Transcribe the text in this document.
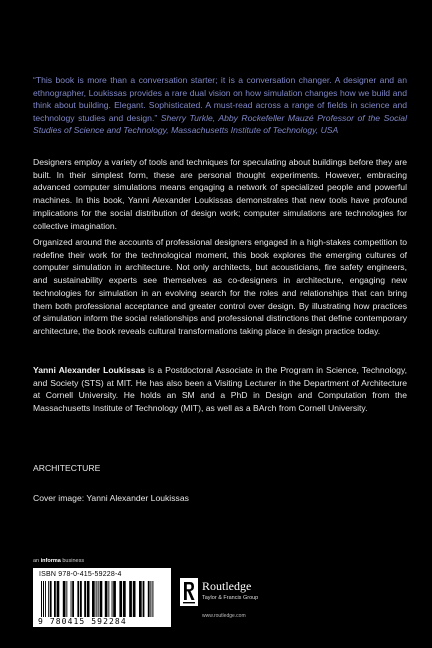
“This book is more than a conversation starter; it is a conversation changer. A designer and an ethnographer, Loukissas provides a rare dual vision on how simulation changes how we build and think about building. Elegant. Sophisticated. A must-read across a range of fields in science and technology studies and design.” Sherry Turkle, Abby Rockefeller Mauzé Professor of the Social Studies of Science and Technology, Massachusetts Institute of Technology, USA
Designers employ a variety of tools and techniques for speculating about buildings before they are built. In their simplest form, these are personal thought experiments. However, embracing advanced computer simulations means engaging a network of specialized people and powerful machines. In this book, Yanni Alexander Loukissas demonstrates that new tools have profound implications for the social distribution of design work; computer simulations are technologies for collective imagination.
Organized around the accounts of professional designers engaged in a high-stakes competition to redefine their work for the technological moment, this book explores the emerging cultures of computer simulation in architecture. Not only architects, but acousticians, fire safety engineers, and sustainability experts see themselves as co-designers in architecture, engaging new technologies for simulation in an evolving search for the roles and relationships that can bring them both professional acceptance and greater control over design. By illustrating how practices of simulation inform the social relationships and professional distinctions that define contemporary architecture, the book reveals cultural transformations taking place in design practice today.
Yanni Alexander Loukissas is a Postdoctoral Associate in the Program in Science, Technology, and Society (STS) at MIT. He has also been a Visiting Lecturer in the Department of Architecture at Cornell University. He holds an SM and a PhD in Design and Computation from the Massachusetts Institute of Technology (MIT), as well as a BArch from Cornell University.
ARCHITECTURE
Cover image: Yanni Alexander Loukissas
an informa business
ISBN 978-0-415-59228-4
9 780415 592284
Routledge
Taylor & Francis Group
www.routledge.com
